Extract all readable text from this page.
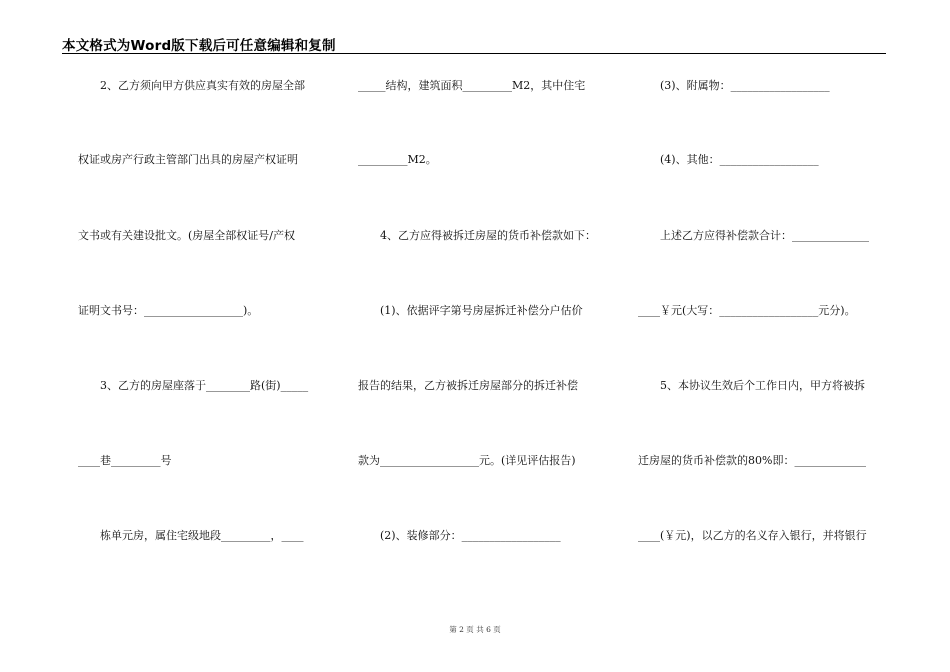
本文格式为Word版下载后可任意编辑和复制
　　2、乙方须向甲方供应真实有效的房屋全部
权证或房产行政主管部门出具的房屋产权证明
文书或有关建设批文。(房屋全部权证号/产权
证明文书号：__________________)。
　　3、乙方的房屋座落于________路(街)_____
____巷_________号
　　栋单元房，属住宅级地段_________，____
_____结构，建筑面积_________M2，其中住宅
_________M2。
　　4、乙方应得被拆迁房屋的货币补偿款如下：
　　(1)、依据评字第号房屋拆迁补偿分户估价
报告的结果，乙方被拆迁房屋部分的拆迁补偿
款为__________________元。(详见评估报告)
　　(2)、装修部分：__________________
　　(3)、附属物：__________________
　　(4)、其他：__________________
　　上述乙方应得补偿款合计：______________
____￥元(大写：__________________元分)。
　　5、本协议生效后个工作日内，甲方将被拆
迁房屋的货币补偿款的80%即：_____________
____(￥元)，以乙方的名义存入银行，并将银行
第 2 页 共 6 页
